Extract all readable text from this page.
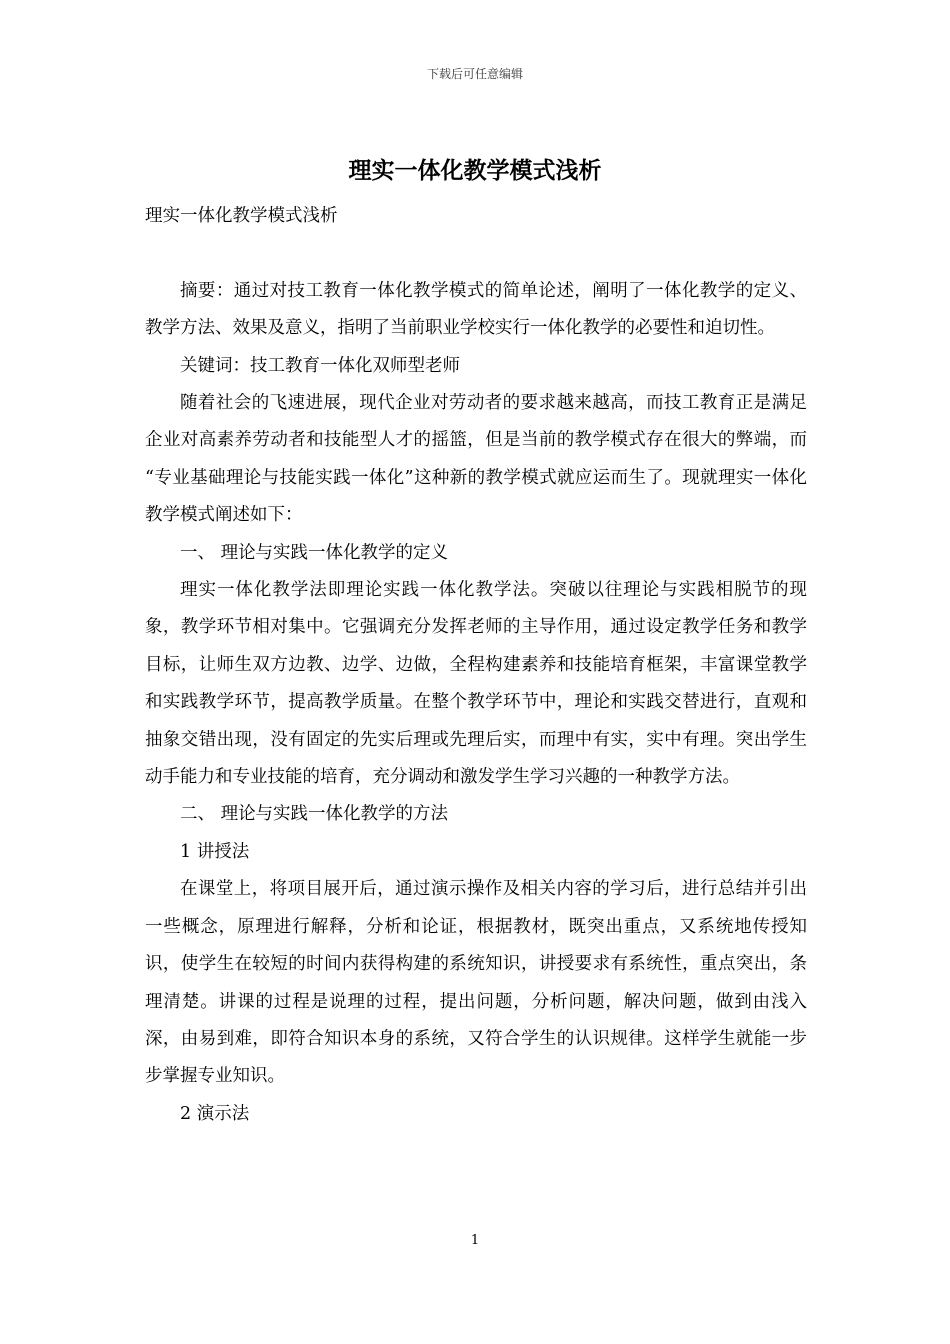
下载后可任意编辑
理实一体化教学模式浅析

理实一体化教学模式浅析

摘要：通过对技工教育一体化教学模式的简单论述，阐明了一体化教学的定义、教学方法、效果及意义，指明了当前职业学校实行一体化教学的必要性和迫切性。

关键词：技工教育一体化双师型老师

随着社会的飞速进展，现代企业对劳动者的要求越来越高，而技工教育正是满足企业对高素养劳动者和技能型人才的摇篮，但是当前的教学模式存在很大的弊端，而 “专业基础理论与技能实践一体化”这种新的教学模式就应运而生了。现就理实一体化教学模式阐述如下：

一、 理论与实践一体化教学的定义

理实一体化教学法即理论实践一体化教学法。突破以往理论与实践相脱节的现象，教学环节相对集中。它强调充分发挥老师的主导作用，通过设定教学任务和教学目标，让师生双方边教、边学、边做，全程构建素养和技能培育框架，丰富课堂教学和实践教学环节，提高教学质量。在整个教学环节中，理论和实践交替进行，直观和抽象交错出现，没有固定的先实后理或先理后实，而理中有实，实中有理。突出学生动手能力和专业技能的培育，充分调动和激发学生学习兴趣的一种教学方法。

二、 理论与实践一体化教学的方法

1 讲授法

在课堂上，将项目展开后，通过演示操作及相关内容的学习后，进行总结并引出一些概念，原理进行解释，分析和论证，根据教材，既突出重点，又系统地传授知识，使学生在较短的时间内获得构建的系统知识，讲授要求有系统性，重点突出，条理清楚。讲课的过程是说理的过程，提出问题，分析问题，解决问题，做到由浅入深，由易到难，即符合知识本身的系统，又符合学生的认识规律。这样学生就能一步步掌握专业知识。

2 演示法

1
